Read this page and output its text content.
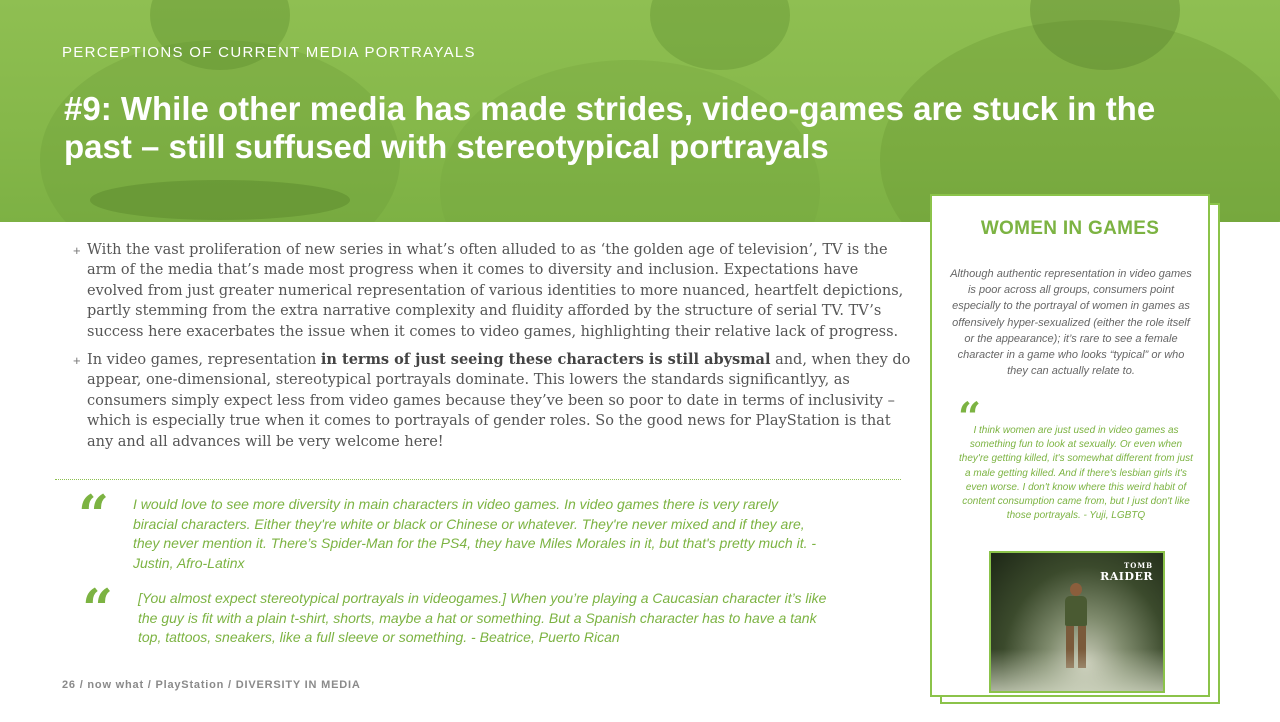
PERCEPTIONS OF CURRENT MEDIA PORTRAYALS
#9: While other media has made strides, video-games are stuck in the past – still suffused with stereotypical portrayals
+ With the vast proliferation of new series in what’s often alluded to as ‘the golden age of television’, TV is the arm of the media that’s made most progress when it comes to diversity and inclusion. Expectations have evolved from just greater numerical representation of various identities to more nuanced, heartfelt depictions, partly stemming from the extra narrative complexity and fluidity afforded by the structure of serial TV. TV’s success here exacerbates the issue when it comes to video games, highlighting their relative lack of progress.
+ In video games, representation in terms of just seeing these characters is still abysmal and, when they do appear, one-dimensional, stereotypical portrayals dominate. This lowers the standards significantlyy, as consumers simply expect less from video games because they’ve been so poor to date in terms of inclusivity – which is especially true when it comes to portrayals of gender roles. So the good news for PlayStation is that any and all advances will be very welcome here!
“ I would love to see more diversity in main characters in video games. In video games there is very rarely biracial characters. Either they're white or black or Chinese or whatever. They're never mixed and if they are, they never mention it. There’s Spider-Man for the PS4, they have Miles Morales in it, but that's pretty much it. - Justin, Afro-Latinx
“ [You almost expect stereotypical portrayals in videogames.] When you’re playing a Caucasian character it’s like the guy is fit with a plain t-shirt, shorts, maybe a hat or something. But a Spanish character has to have a tank top, tattoos, sneakers, like a full sleeve or something. - Beatrice, Puerto Rican
26 / now what / PlayStation / DIVERSITY IN MEDIA
WOMEN IN GAMES
Although authentic representation in video games is poor across all groups, consumers point especially to the portrayal of women in games as offensively hyper-sexualized (either the role itself or the appearance); it’s rare to see a female character in a game who looks “typical” or who they can actually relate to.
“
I think women are just used in video games as something fun to look at sexually. Or even when they're getting killed, it's somewhat different from just a male getting killed. And if there's lesbian girls it's even worse. I don't know where this weird habit of content consumption came from, but I just don't like those portrayals. - Yuji, LGBTQ
TOMB
RAIDER
